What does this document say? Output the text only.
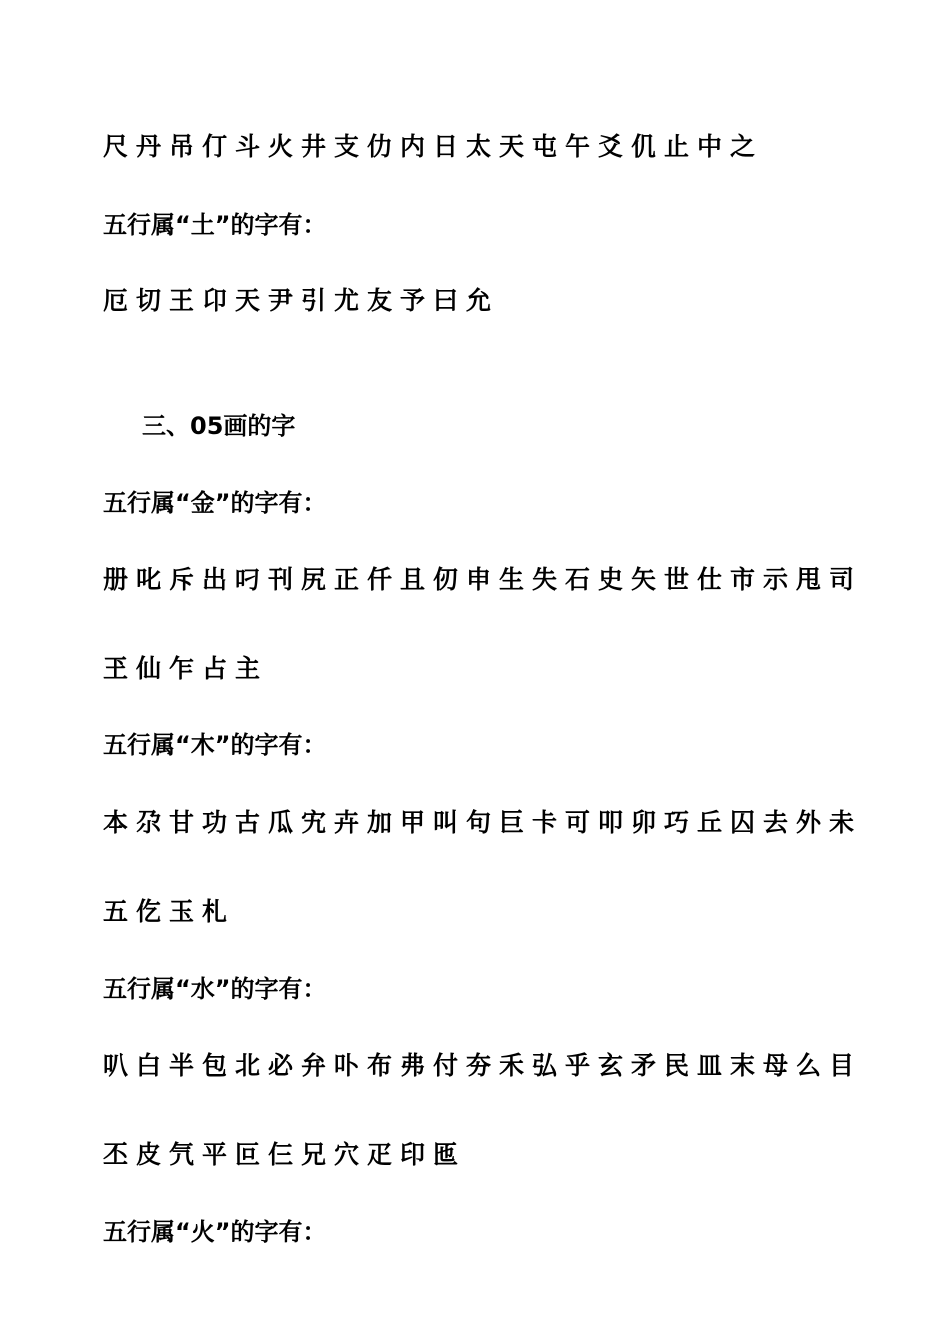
尺丹吊仃斗火井支仂内日太天屯午爻仉止中之

五行属“土”的字有：

厄切王卬天尹引尤友予曰允

三、05画的字

五行属“金”的字有：

册叱斥出叼刊尻正仟且仞申生失石史矢世仕市示甩司

玊仙乍占主

五行属“木”的字有：

本尕甘功古瓜宄卉加甲叫句巨卡可叩卯巧丘囚去外未

五仡玉札

五行属“水”的字有：

叭白半包北必弁卟布弗付夯禾弘乎玄矛民皿末母么目

丕皮氕平叵仨兄穴疋印匜

五行属“火”的字有：
